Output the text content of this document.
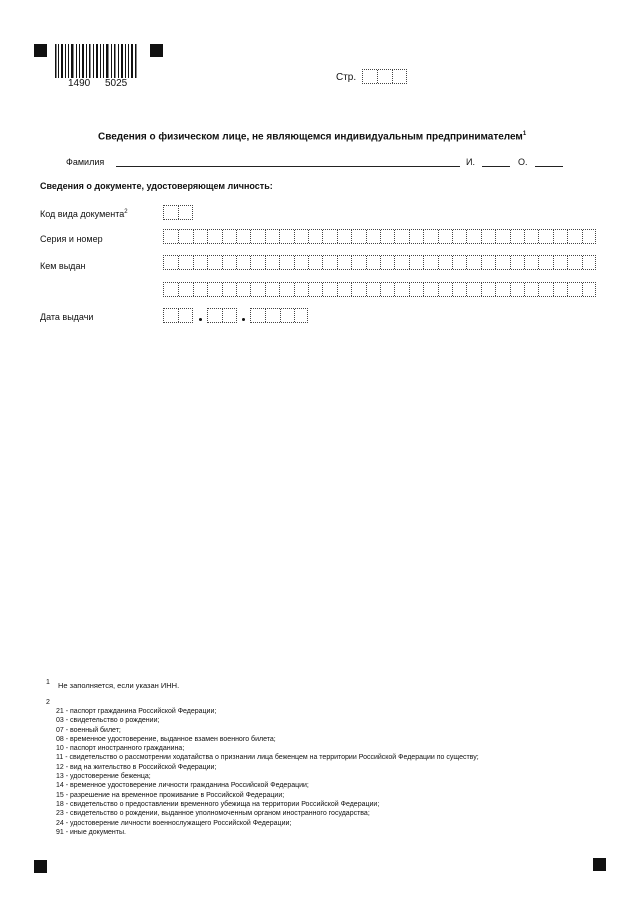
1490 5025
Стр.
Сведения о физическом лице, не являющемся индивидуальным предпринимателем$^1$
Фамилия	И.	О.
Сведения о документе, удостоверяющем личность:
Код вида документа$^2$
Серия и номер
Кем выдан
Дата выдачи
1 Не заполняется, если указан ИНН.
2
21 - паспорт гражданина Российской Федерации;
03 - свидетельство о рождении;
07 - военный билет;
08 - временное удостоверение, выданное взамен военного билета;
10 - паспорт иностранного гражданина;
11 - свидетельство о рассмотрении ходатайства о признании лица беженцем на территории Российской Федерации по существу;
12 - вид на жительство в Российской Федерации;
13 - удостоверение беженца;
14 - временное удостоверение личности гражданина Российской Федерации;
15 - разрешение на временное проживание в Российской Федерации;
18 - свидетельство о предоставлении временного убежища на территории Российской Федерации;
23 - свидетельство о рождении, выданное уполномоченным органом иностранного государства;
24 - удостоверение личности военнослужащего Российской Федерации;
91 - иные документы.
